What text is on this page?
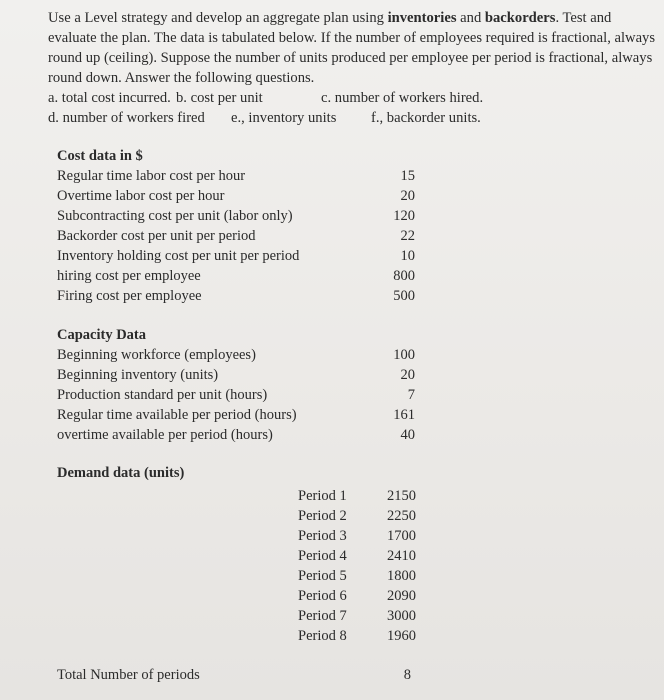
Use a Level strategy and develop an aggregate plan using inventories and backorders. Test and evaluate the plan. The data is tabulated below. If the number of employees required is fractional, always round up (ceiling). Suppose the number of units produced per employee per period is fractional, always round down. Answer the following questions.

a. total cost incurred. b. cost per unit	c. number of workers hired.
d. number of workers fired e., inventory units f., backorder units.
Cost data in $
Regular time labor cost per hour	15
Overtime labor cost per hour	20
Subcontracting cost per unit (labor only)	120
Backorder cost per unit per period	22
Inventory holding cost per unit per period	10
hiring cost per employee	800
Firing cost per employee	500
Capacity Data
Beginning workforce (employees)	100
Beginning inventory (units)	20
Production standard per unit (hours)	7
Regular time available per period (hours)	161
overtime available per period (hours)	40
Demand data (units)
Period 1	2150
Period 2	2250
Period 3	1700
Period 4	2410
Period 5	1800
Period 6	2090
Period 7	3000
Period 8	1960
Total Number of periods	8
